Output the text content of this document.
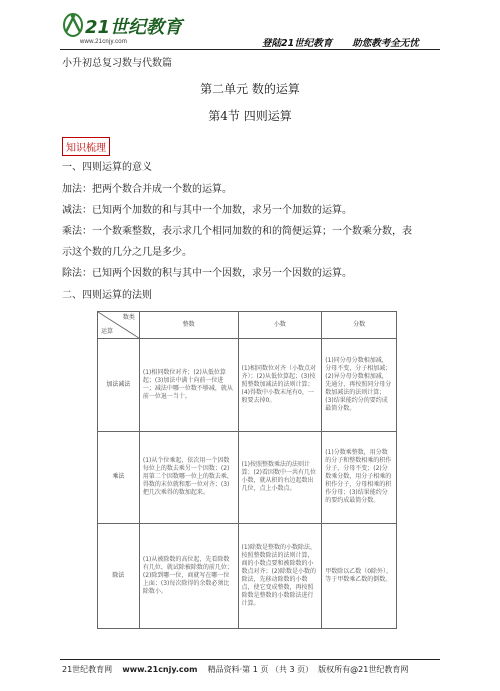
21世纪教育
www.21cnjy.com	登陆21世纪教育 助您教考全无忧
小升初总复习数与代数篇
第二单元 数的运算
第4节 四则运算
知识梳理
一、四则运算的意义
加法：把两个数合并成一个数的运算。
减法：已知两个加数的和与其中一个加数，求另一个加数的运算。
乘法：一个数乘整数，表示求几个相同加数的和的简便运算；一个数乘分数，表
示这个数的几分之几是多少。
除法：已知两个因数的积与其中一个因数，求另一个因数的运算。
二、四则运算的法则
数类
运算	整数	小数	分数
加法减法	(1)相同数位对齐；(2)从低位算起；(3)加法中满十向前一位进一；减法中哪一位数不够减，就从前一位退一当十。	(1)相同数位对齐（小数点对齐）；(2)从低位算起；(3)按照整数加减法的法则计算；(4)得数中小数末尾有0，一般要去掉0。	(1)同分母分数相加减，分母不变，分子相加减；(2)异分母分数相加减，先通分，再按照同分母分数加减法的法则计算；(3)结果能约分的要约成最简分数。
乘法	(1)从个位乘起，依次用一个因数每位上的数去乘另一个因数；(2)用第二个因数哪一位上的数去乘，得数的末位就和那一位对齐；(3)把几次乘得的数加起来。	(1)按照整数乘法的法则计算；(2)看因数中一共有几位小数，就从积的右边起数出几位，点上小数点。	(1)分数乘整数，用分数的分子和整数相乘的积作分子，分母不变；(2)分数乘分数，用分子相乘的积作分子，分母相乘的积作分母；(3)结果能约分的要约成最简分数。
除法	(1)从被除数的高位起，先看除数有几位，就试除被除数的前几位；(2)除到哪一位，商就写在哪一位上面；(3)每次除得的余数必须比除数小。	(1)除数是整数的小数除法，按照整数除法的法则计算，商的小数点要和被除数的小数点对齐；(2)除数是小数的除法，先移动除数的小数点，使它变成整数，再按照除数是整数的小数除法进行计算。	甲数除以乙数（0除外），等于甲数乘乙数的倒数。
21世纪教育网 www.21cnjy.com 精品资料·第 1 页 （共 3 页） 版权所有@21世纪教育网
